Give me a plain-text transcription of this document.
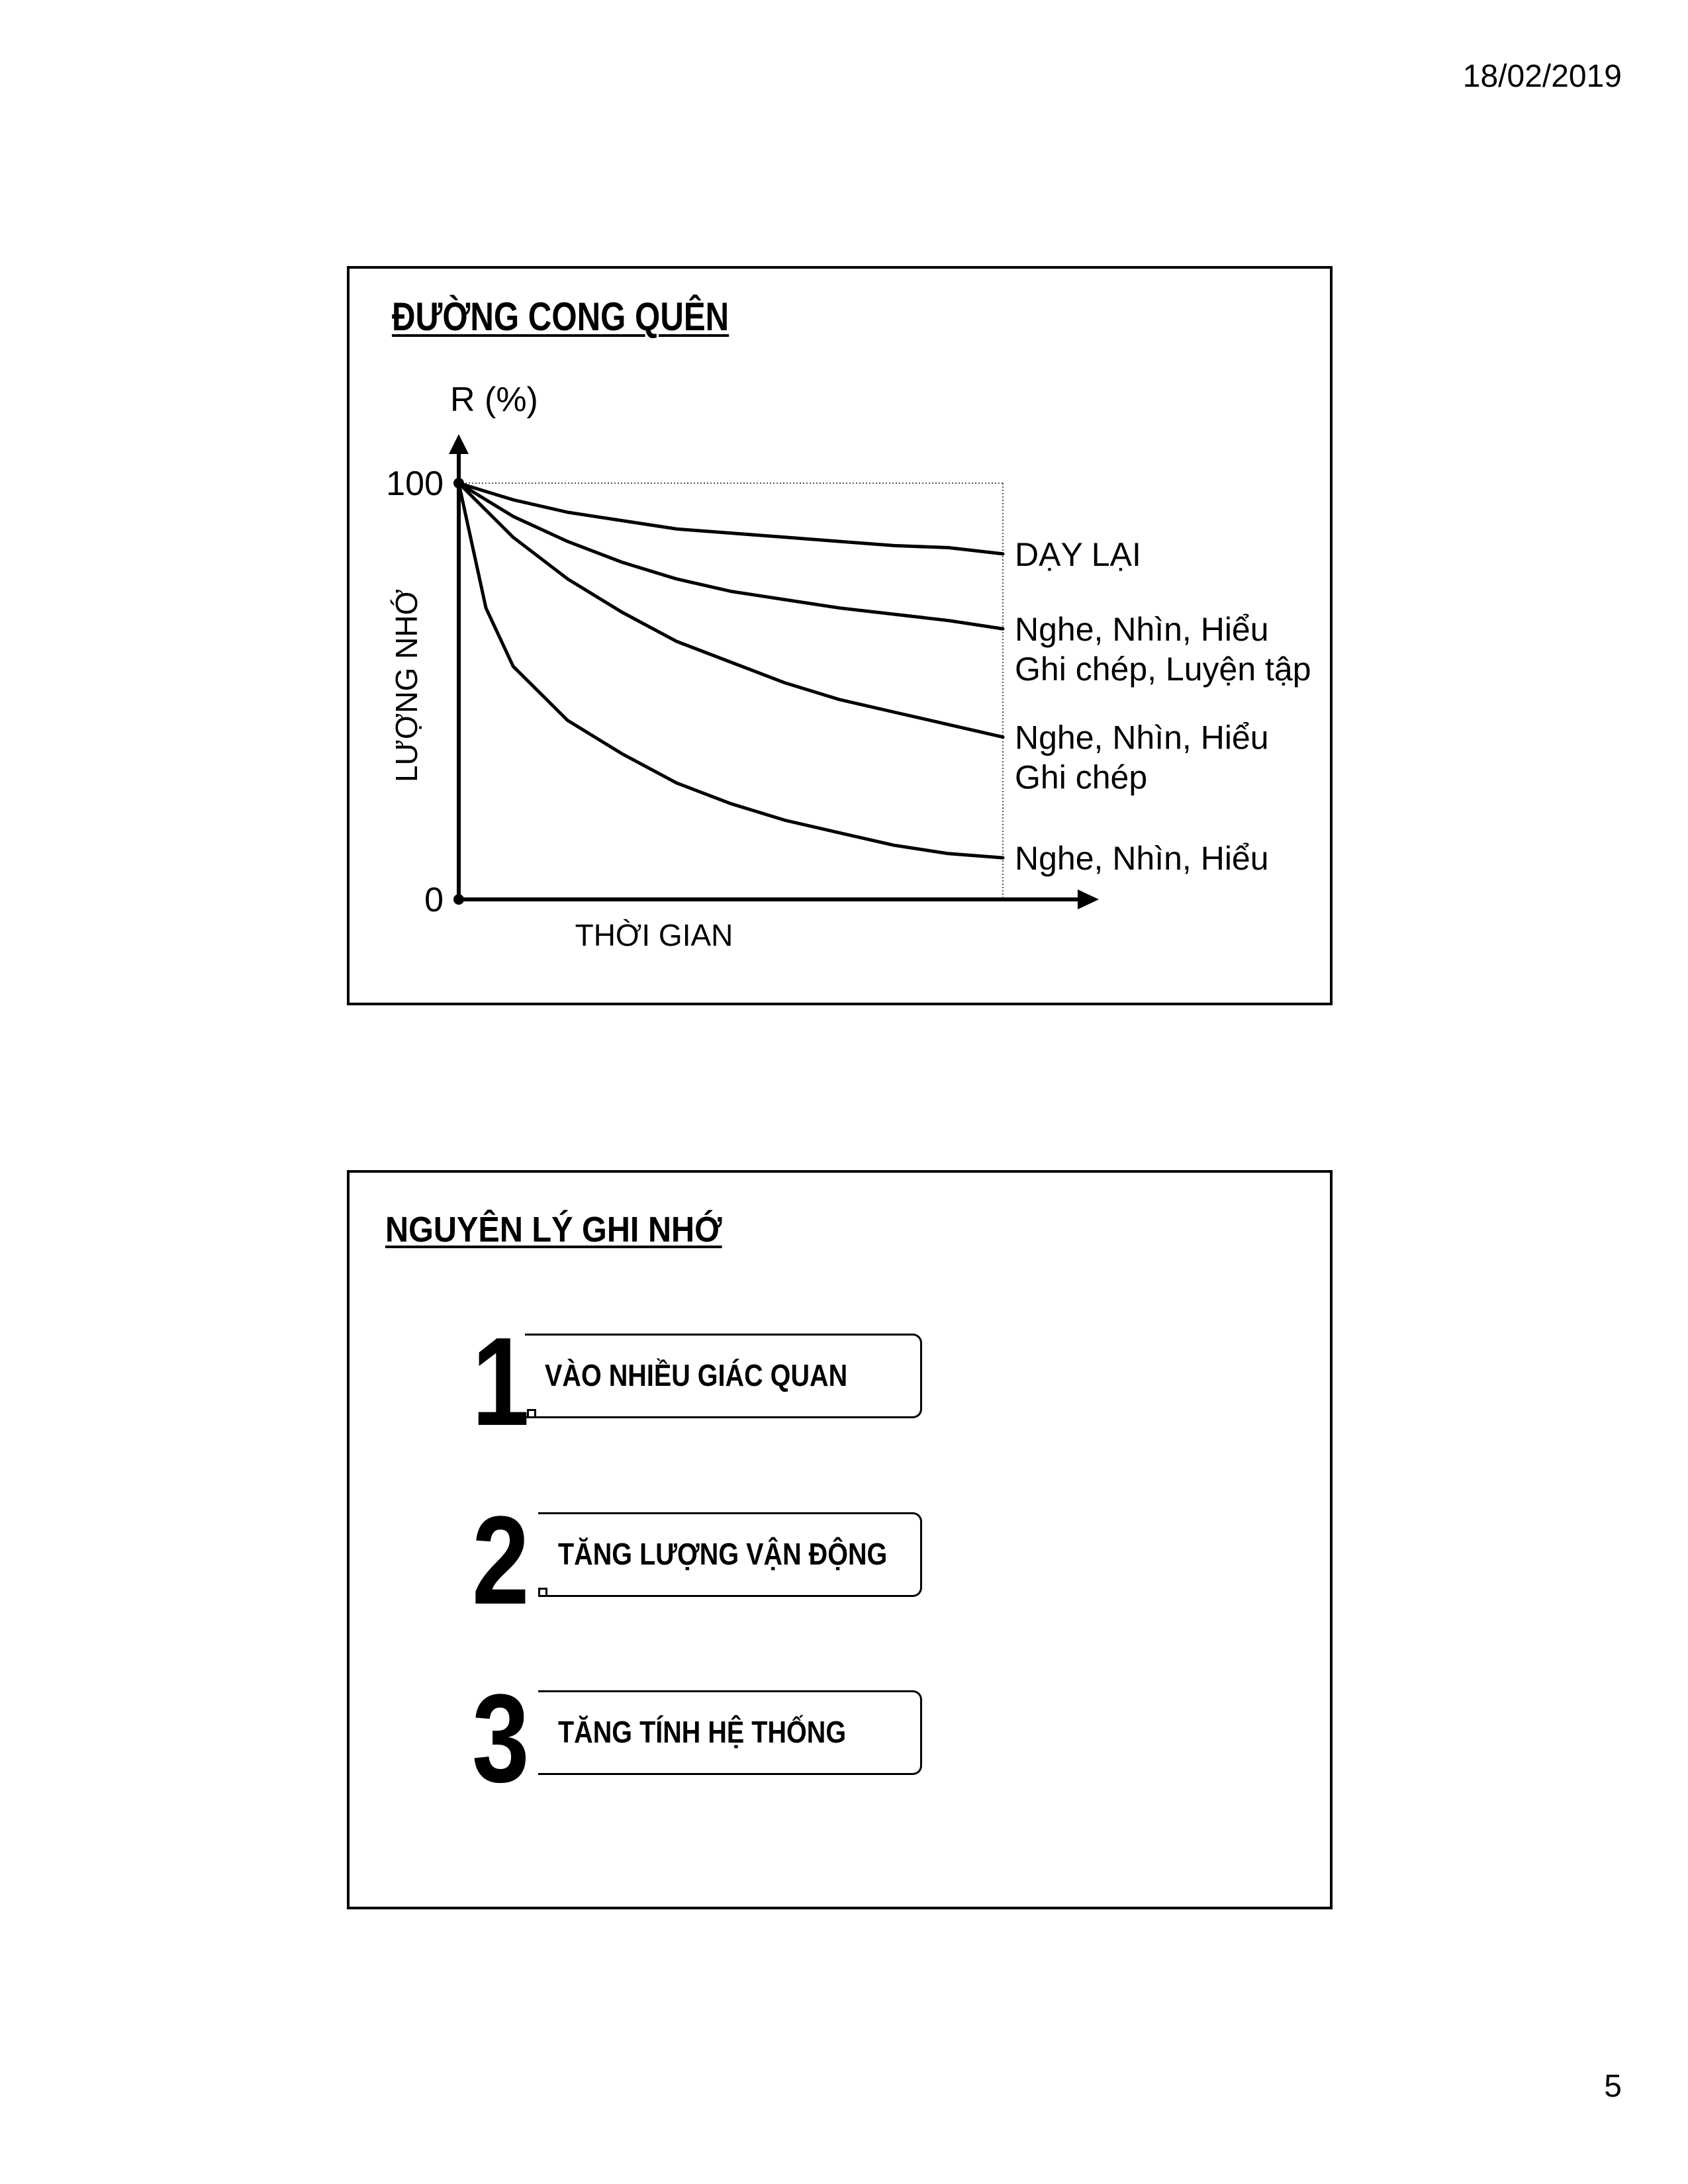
18/02/2019
ĐƯỜNG CONG QUÊN
R (%)
100
0
THỜI GIAN
LƯỢNG NHỚ
DẠY LẠI
Nghe, Nhìn, Hiểu
Ghi chép, Luyện tập
Nghe, Nhìn, Hiểu
Ghi chép
Nghe, Nhìn, Hiểu
NGUYÊN LÝ GHI NHỚ
1 VÀO NHIỀU GIÁC QUAN
2 TĂNG LƯỢNG VẬN ĐỘNG
3 TĂNG TÍNH HỆ THỐNG
5
